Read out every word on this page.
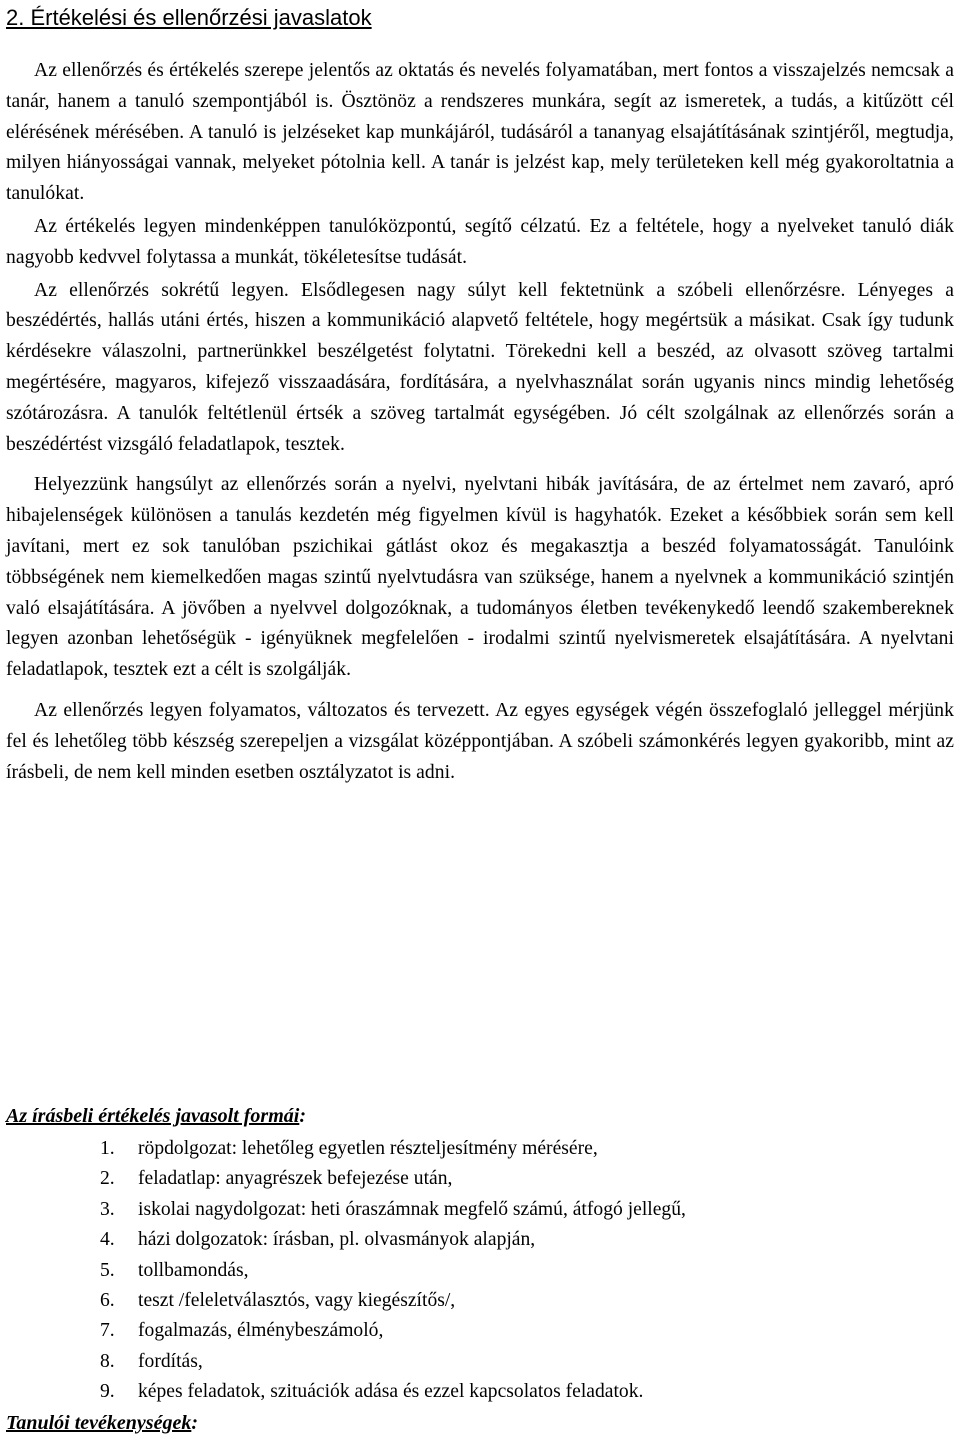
2. Értékelési és ellenőrzési javaslatok

Az ellenőrzés és értékelés szerepe jelentős az oktatás és nevelés folyamatában, mert fontos a visszajelzés nemcsak a tanár, hanem a tanuló szempontjából is. Ösztönöz a rendszeres munkára, segít az ismeretek, a tudás, a kitűzött cél elérésének mérésében. A tanuló is jelzéseket kap munkájáról, tudásáról a tananyag elsajátításának szintjéről, megtudja, milyen hiányosságai vannak, melyeket pótolnia kell. A tanár is jelzést kap, mely területeken kell még gyakoroltatnia a tanulókat.

Az értékelés legyen mindenképpen tanulóközpontú, segítő célzatú. Ez a feltétele, hogy a nyelveket tanuló diák nagyobb kedvvel folytassa a munkát, tökéletesítse tudását.

Az ellenőrzés sokrétű legyen. Elsődlegesen nagy súlyt kell fektetnünk a szóbeli ellenőrzésre. Lényeges a beszédértés, hallás utáni értés, hiszen a kommunikáció alapvető feltétele, hogy megértsük a másikat. Csak így tudunk kérdésekre válaszolni, partnerünkkel beszélgetést folytatni. Törekedni kell a beszéd, az olvasott szöveg tartalmi megértésére, magyaros, kifejező visszaadására, fordítására, a nyelvhasználat során ugyanis nincs mindig lehetőség szótározásra. A tanulók feltétlenül értsék a szöveg tartalmát egységében. Jó célt szolgálnak az ellenőrzés során a beszédértést vizsgáló feladatlapok, tesztek.

Helyezzünk hangsúlyt az ellenőrzés során a nyelvi, nyelvtani hibák javítására, de az értelmet nem zavaró, apró hibajelenségek különösen a tanulás kezdetén még figyelmen kívül is hagyhatók. Ezeket a későbbiek során sem kell javítani, mert ez sok tanulóban pszichikai gátlást okoz és megakasztja a beszéd folyamatosságát. Tanulóink többségének nem kiemelkedően magas szintű nyelvtudásra van szüksége, hanem a nyelvnek a kommunikáció szintjén való elsajátítására. A jövőben a nyelvvel dolgozóknak, a tudományos életben tevékenykedő leendő szakembereknek legyen azonban lehetőségük - igényüknek megfelelően - irodalmi szintű nyelvismeretek elsajátítására. A nyelvtani feladatlapok, tesztek ezt a célt is szolgálják.

Az ellenőrzés legyen folyamatos, változatos és tervezett. Az egyes egységek végén összefoglaló jelleggel mérjünk fel és lehetőleg több készség szerepeljen a vizsgálat középpontjában. A szóbeli számonkérés legyen gyakoribb, mint az írásbeli, de nem kell minden esetben osztályzatot is adni.

Az írásbeli értékelés javasolt formái:
1.	röpdolgozat: lehetőleg egyetlen részteljesítmény mérésére,
2.	feladatlap: anyagrészek befejezése után,
3.	iskolai nagydolgozat: heti óraszámnak megfelő számú, átfogó jellegű,
4.	házi dolgozatok: írásban, pl. olvasmányok alapján,
5.	tollbamondás,
6.	teszt /feleletválasztós, vagy kiegészítős/,
7.	fogalmazás, élménybeszámoló,
8.	fordítás,
9.	képes feladatok, szituációk adása és ezzel kapcsolatos feladatok.
Tanulói tevékenységek:
